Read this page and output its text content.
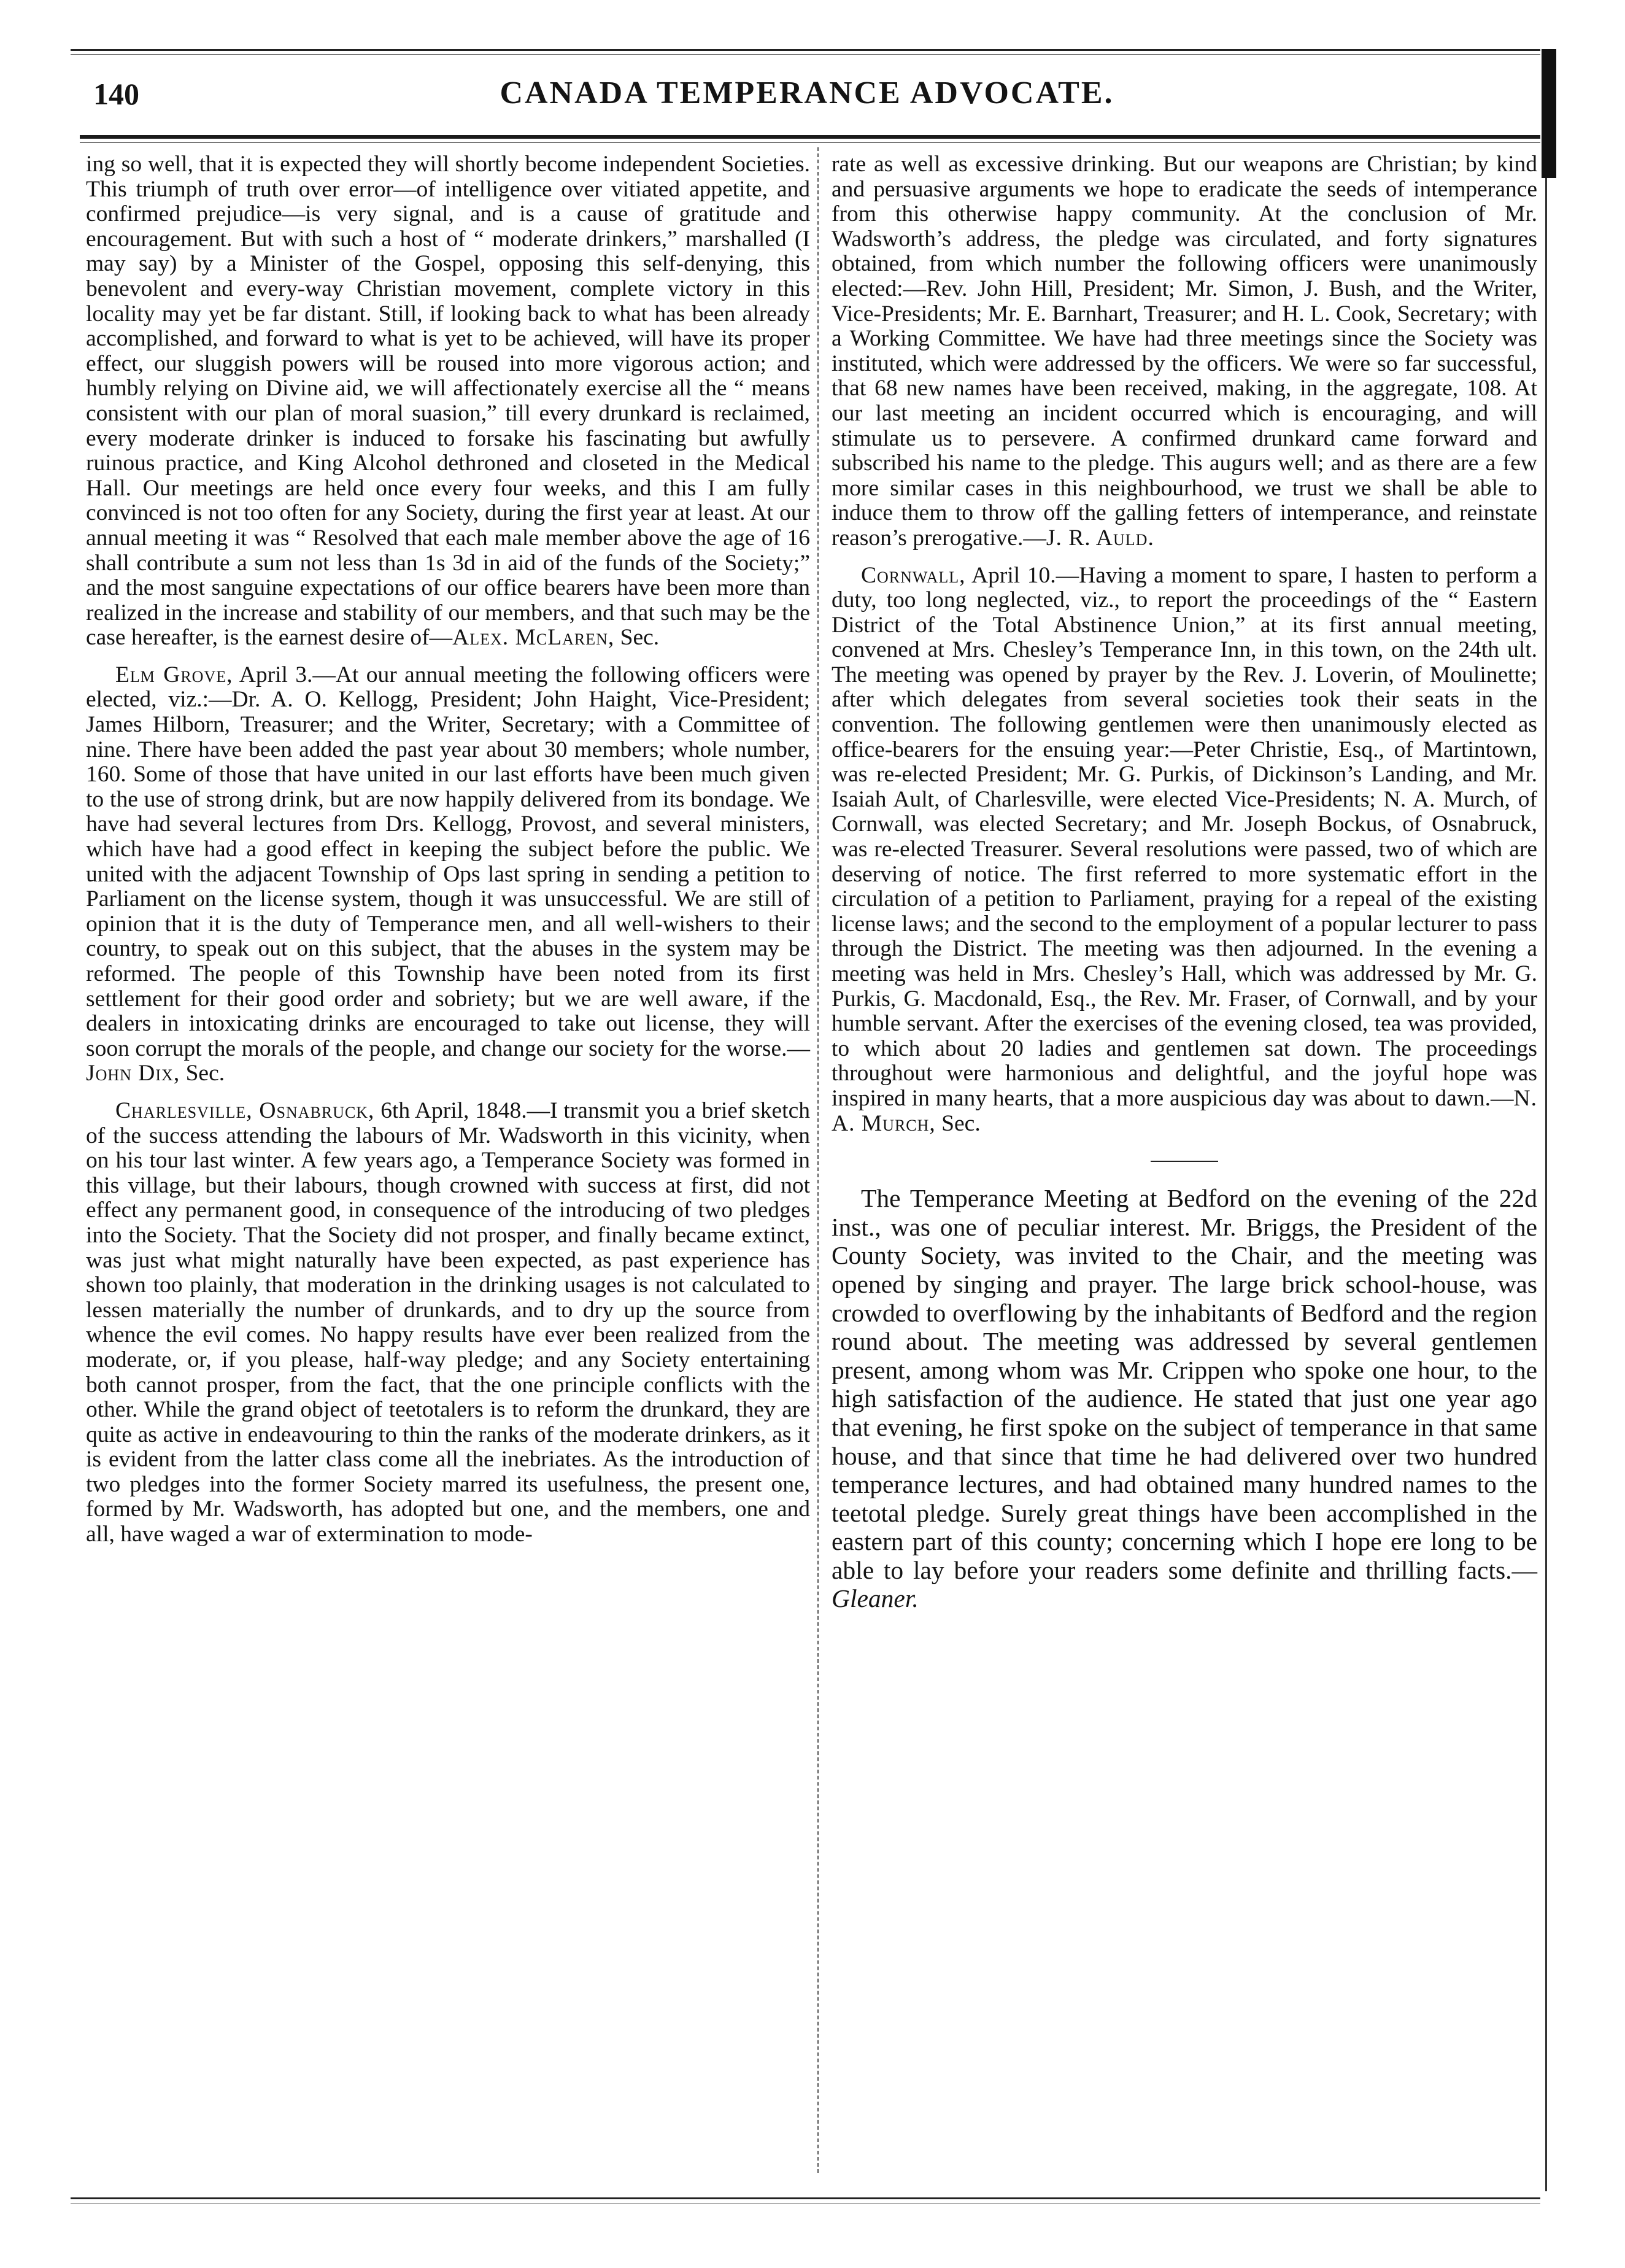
140	CANADA TEMPERANCE ADVOCATE.

ing so well, that it is expected they will shortly become independent Societies. This triumph of truth over error—of intelligence over vitiated appetite, and confirmed prejudice—is very signal, and is a cause of gratitude and encouragement. But with such a host of “ moderate drinkers,” marshalled (I may say) by a Minister of the Gospel, opposing this self-denying, this benevolent and every-way Christian movement, complete victory in this locality may yet be far distant. Still, if looking back to what has been already accomplished, and forward to what is yet to be achieved, will have its proper effect, our sluggish powers will be roused into more vigorous action; and humbly relying on Divine aid, we will affectionately exercise all the “ means consistent with our plan of moral suasion,” till every drunkard is reclaimed, every moderate drinker is induced to forsake his fascinating but awfully ruinous practice, and King Alcohol dethroned and closeted in the Medical Hall. Our meetings are held once every four weeks, and this I am fully convinced is not too often for any Society, during the first year at least. At our annual meeting it was “ Resolved that each male member above the age of 16 shall contribute a sum not less than 1s 3d in aid of the funds of the Society;” and the most sanguine expectations of our office bearers have been more than realized in the increase and stability of our members, and that such may be the case hereafter, is the earnest desire of—Alex. McLaren, Sec.

Elm Grove, April 3.—At our annual meeting the following officers were elected, viz.:—Dr. A. O. Kellogg, President; John Haight, Vice-President; James Hilborn, Treasurer; and the Writer, Secretary; with a Committee of nine. There have been added the past year about 30 members; whole number, 160. Some of those that have united in our last efforts have been much given to the use of strong drink, but are now happily delivered from its bondage. We have had several lectures from Drs. Kellogg, Provost, and several ministers, which have had a good effect in keeping the subject before the public. We united with the adjacent Township of Ops last spring in sending a petition to Parliament on the license system, though it was unsuccessful. We are still of opinion that it is the duty of Temperance men, and all well-wishers to their country, to speak out on this subject, that the abuses in the system may be reformed. The people of this Township have been noted from its first settlement for their good order and sobriety; but we are well aware, if the dealers in intoxicating drinks are encouraged to take out license, they will soon corrupt the morals of the people, and change our society for the worse.—John Dix, Sec.

Charlesville, Osnabruck, 6th April, 1848.—I transmit you a brief sketch of the success attending the labours of Mr. Wadsworth in this vicinity, when on his tour last winter. A few years ago, a Temperance Society was formed in this village, but their labours, though crowned with success at first, did not effect any permanent good, in consequence of the introducing of two pledges into the Society. That the Society did not prosper, and finally became extinct, was just what might naturally have been expected, as past experience has shown too plainly, that moderation in the drinking usages is not calculated to lessen materially the number of drunkards, and to dry up the source from whence the evil comes. No happy results have ever been realized from the moderate, or, if you please, half-way pledge; and any Society entertaining both cannot prosper, from the fact, that the one principle conflicts with the other. While the grand object of teetotalers is to reform the drunkard, they are quite as active in endeavouring to thin the ranks of the moderate drinkers, as it is evident from the latter class come all the inebriates. As the introduction of two pledges into the former Society marred its usefulness, the present one, formed by Mr. Wadsworth, has adopted but one, and the members, one and all, have waged a war of extermination to mode-

rate as well as excessive drinking. But our weapons are Christian; by kind and persuasive arguments we hope to eradicate the seeds of intemperance from this otherwise happy community. At the conclusion of Mr. Wadsworth’s address, the pledge was circulated, and forty signatures obtained, from which number the following officers were unanimously elected:—Rev. John Hill, President; Mr. Simon, J. Bush, and the Writer, Vice-Presidents; Mr. E. Barnhart, Treasurer; and H. L. Cook, Secretary; with a Working Committee. We have had three meetings since the Society was instituted, which were addressed by the officers. We were so far successful, that 68 new names have been received, making, in the aggregate, 108. At our last meeting an incident occurred which is encouraging, and will stimulate us to persevere. A confirmed drunkard came forward and subscribed his name to the pledge. This augurs well; and as there are a few more similar cases in this neighbourhood, we trust we shall be able to induce them to throw off the galling fetters of intemperance, and reinstate reason’s prerogative.—J. R. Auld.

Cornwall, April 10.—Having a moment to spare, I hasten to perform a duty, too long neglected, viz., to report the proceedings of the “ Eastern District of the Total Abstinence Union,” at its first annual meeting, convened at Mrs. Chesley’s Temperance Inn, in this town, on the 24th ult. The meeting was opened by prayer by the Rev. J. Loverin, of Moulinette; after which delegates from several societies took their seats in the convention. The following gentlemen were then unanimously elected as office-bearers for the ensuing year:—Peter Christie, Esq., of Martintown, was re-elected President; Mr. G. Purkis, of Dickinson’s Landing, and Mr. Isaiah Ault, of Charlesville, were elected Vice-Presidents; N. A. Murch, of Cornwall, was elected Secretary; and Mr. Joseph Bockus, of Osnabruck, was re-elected Treasurer. Several resolutions were passed, two of which are deserving of notice. The first referred to more systematic effort in the circulation of a petition to Parliament, praying for a repeal of the existing license laws; and the second to the employment of a popular lecturer to pass through the District. The meeting was then adjourned. In the evening a meeting was held in Mrs. Chesley’s Hall, which was addressed by Mr. G. Purkis, G. Macdonald, Esq., the Rev. Mr. Fraser, of Cornwall, and by your humble servant. After the exercises of the evening closed, tea was provided, to which about 20 ladies and gentlemen sat down. The proceedings throughout were harmonious and delightful, and the joyful hope was inspired in many hearts, that a more auspicious day was about to dawn.—N. A. Murch, Sec.

The Temperance Meeting at Bedford on the evening of the 22d inst., was one of peculiar interest. Mr. Briggs, the President of the County Society, was invited to the Chair, and the meeting was opened by singing and prayer. The large brick school-house, was crowded to overflowing by the inhabitants of Bedford and the region round about. The meeting was addressed by several gentlemen present, among whom was Mr. Crippen who spoke one hour, to the high satisfaction of the audience. He stated that just one year ago that evening, he first spoke on the subject of temperance in that same house, and that since that time he had delivered over two hundred temperance lectures, and had obtained many hundred names to the teetotal pledge. Surely great things have been accomplished in the eastern part of this county; concerning which I hope ere long to be able to lay before your readers some definite and thrilling facts.—Gleaner.
